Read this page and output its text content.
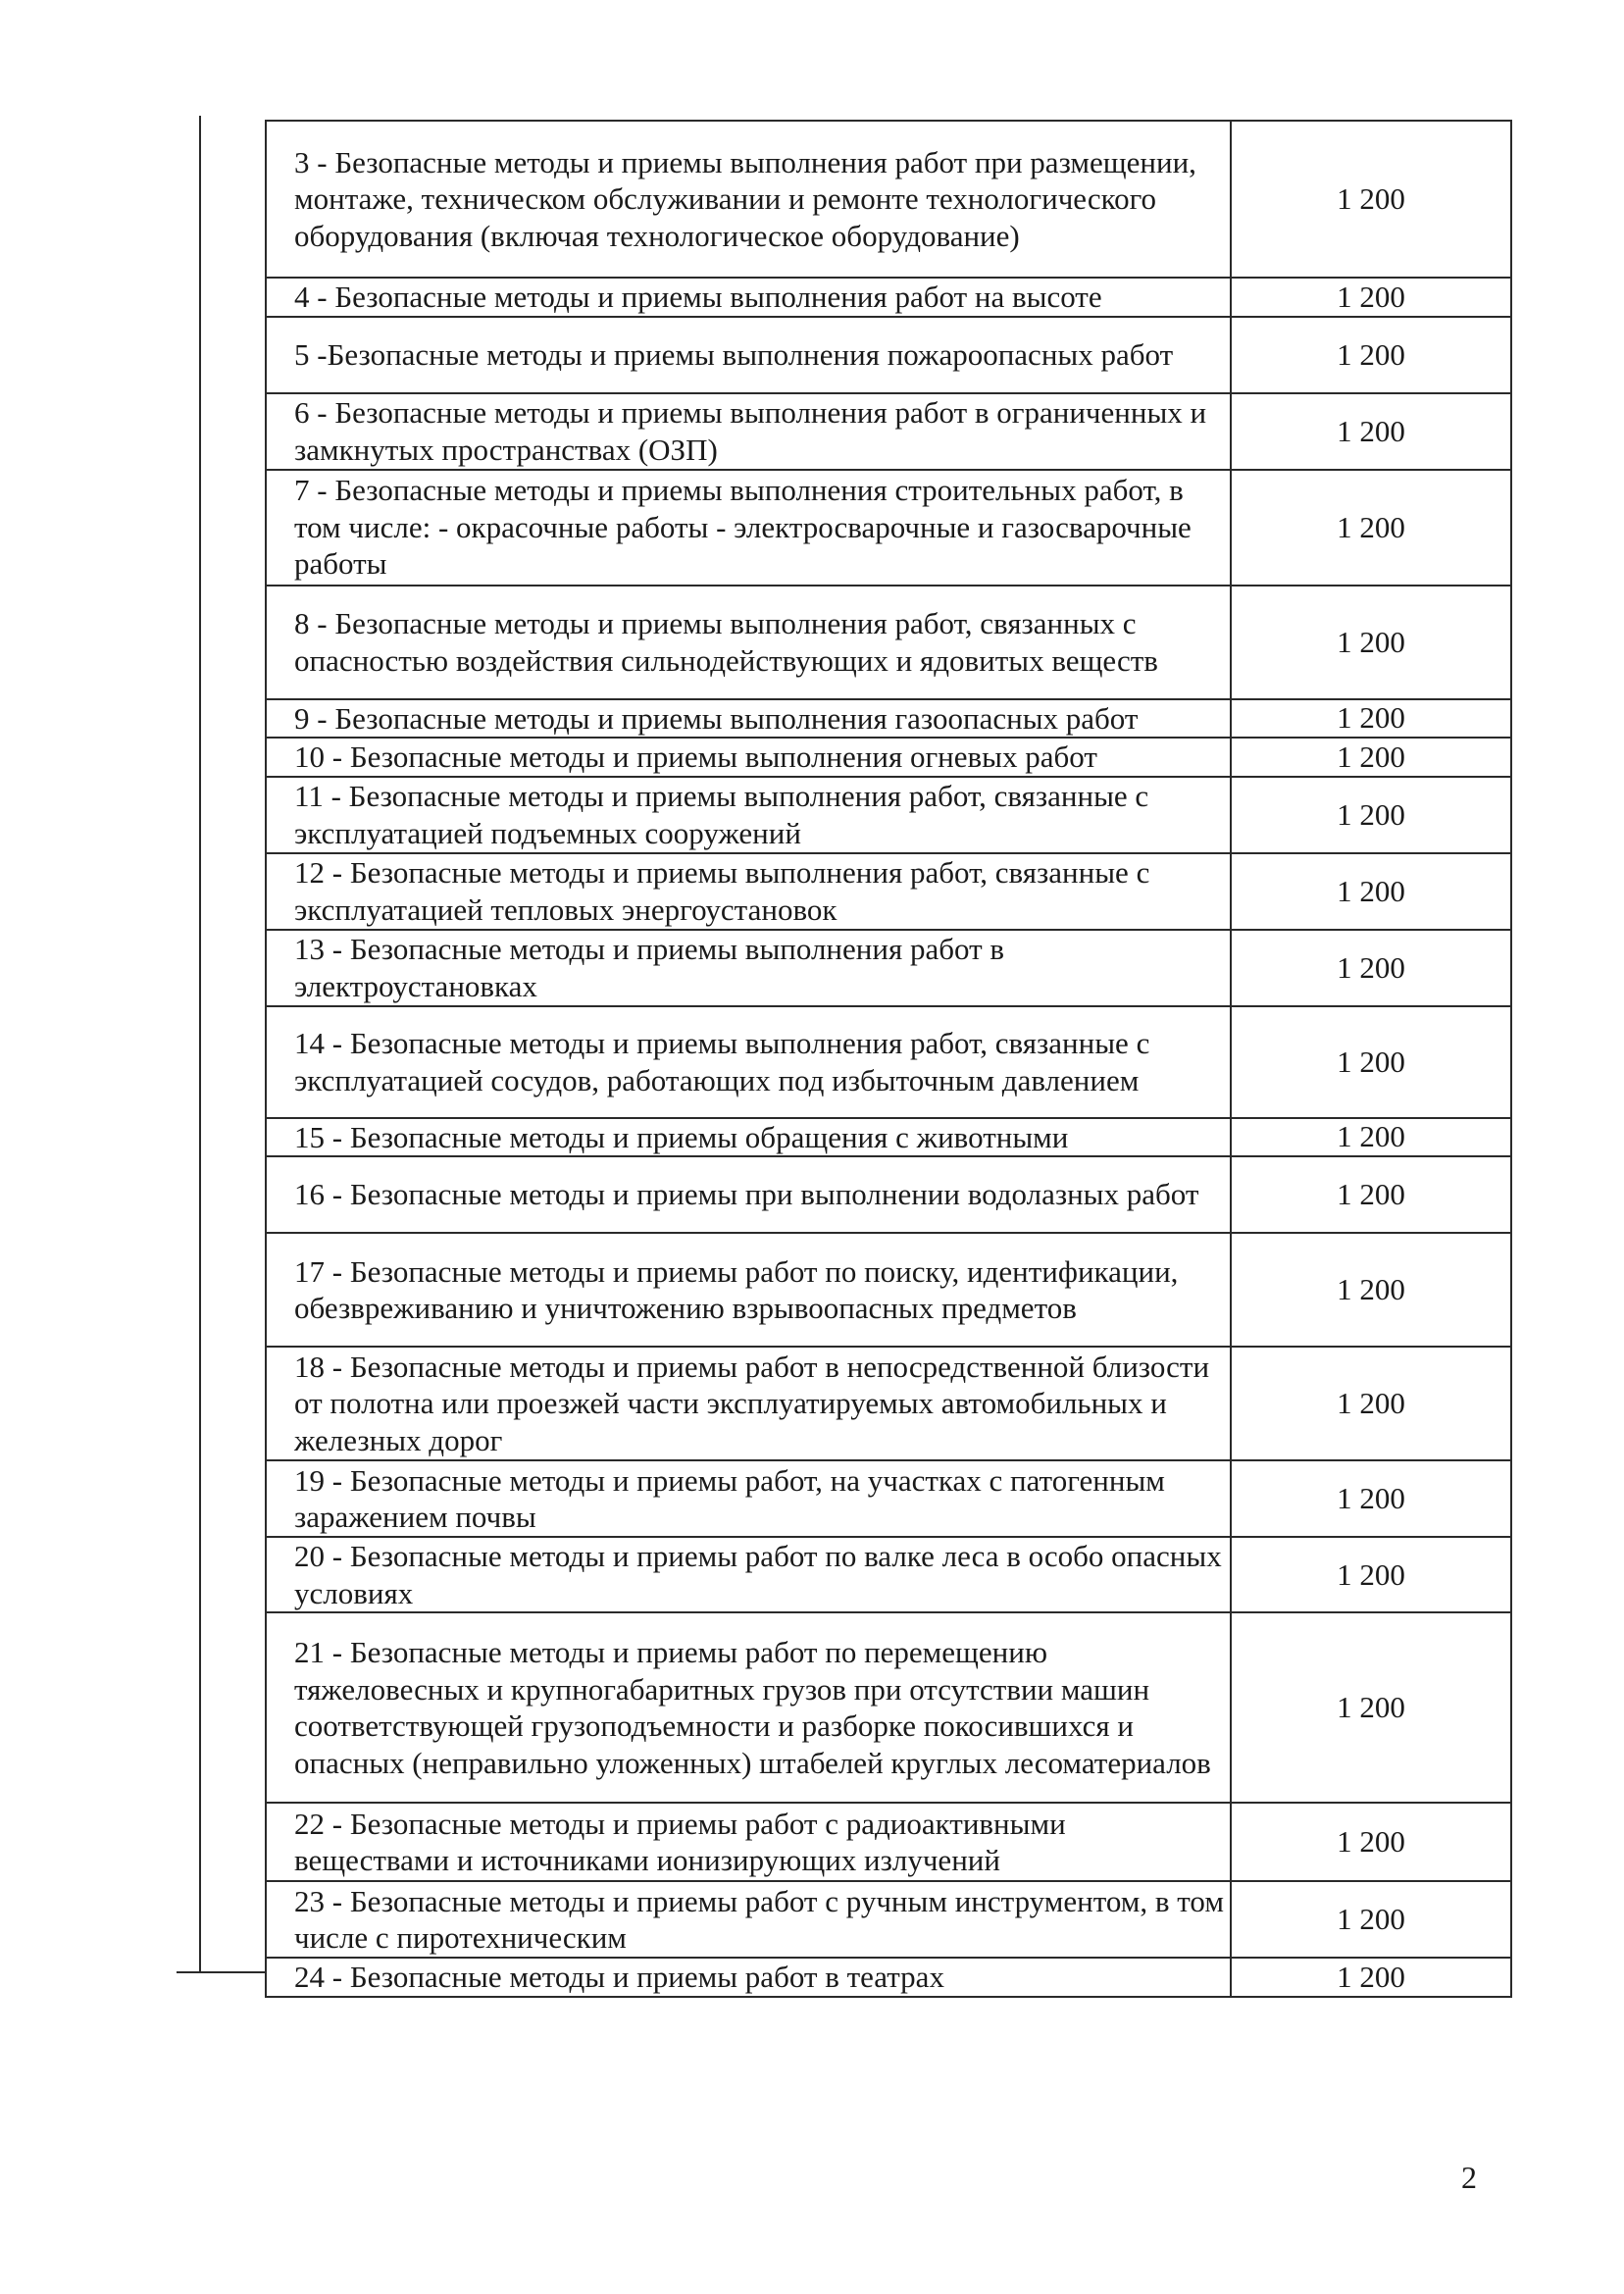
3 - Безопасные методы и приемы выполнения работ при размещении, монтаже, техническом обслуживании и ремонте технологического оборудования (включая технологическое оборудование)	1 200
4 - Безопасные методы и приемы выполнения работ на высоте	1 200
5 -Безопасные методы и приемы выполнения пожароопасных работ	1 200
6 - Безопасные методы и приемы выполнения работ в ограниченных и замкнутых пространствах (ОЗП)	1 200
7 - Безопасные методы и приемы выполнения строительных работ, в том числе: - окрасочные работы - электросварочные и газосварочные работы	1 200
8 - Безопасные методы и приемы выполнения работ, связанных с опасностью воздействия сильнодействующих и ядовитых веществ	1 200
9 - Безопасные методы и приемы выполнения газоопасных работ	1 200
10 - Безопасные методы и приемы выполнения огневых работ	1 200
11 - Безопасные методы и приемы выполнения работ, связанные с эксплуатацией подъемных сооружений	1 200
12 - Безопасные методы и приемы выполнения работ, связанные с эксплуатацией тепловых энергоустановок	1 200
13 - Безопасные методы и приемы выполнения работ в электроустановках	1 200
14 - Безопасные методы и приемы выполнения работ, связанные с эксплуатацией сосудов, работающих под избыточным давлением	1 200
15 - Безопасные методы и приемы обращения с животными	1 200
16 - Безопасные методы и приемы при выполнении водолазных работ	1 200
17 - Безопасные методы и приемы работ по поиску, идентификации, обезвреживанию и уничтожению взрывоопасных предметов	1 200
18 - Безопасные методы и приемы работ в непосредственной близости от полотна или проезжей части эксплуатируемых автомобильных и железных дорог	1 200
19 - Безопасные методы и приемы работ, на участках с патогенным заражением почвы	1 200
20 - Безопасные методы и приемы работ по валке леса в особо опасных условиях	1 200
21 - Безопасные методы и приемы работ по перемещению тяжеловесных и крупногабаритных грузов при отсутствии машин соответствующей грузоподъемности и разборке покосившихся и опасных (неправильно уложенных) штабелей круглых лесоматериалов	1 200
22 - Безопасные методы и приемы работ с радиоактивными веществами и источниками ионизирующих излучений	1 200
23 - Безопасные методы и приемы работ с ручным инструментом, в том числе с пиротехническим	1 200
24 - Безопасные методы и приемы работ в театрах	1 200
2
